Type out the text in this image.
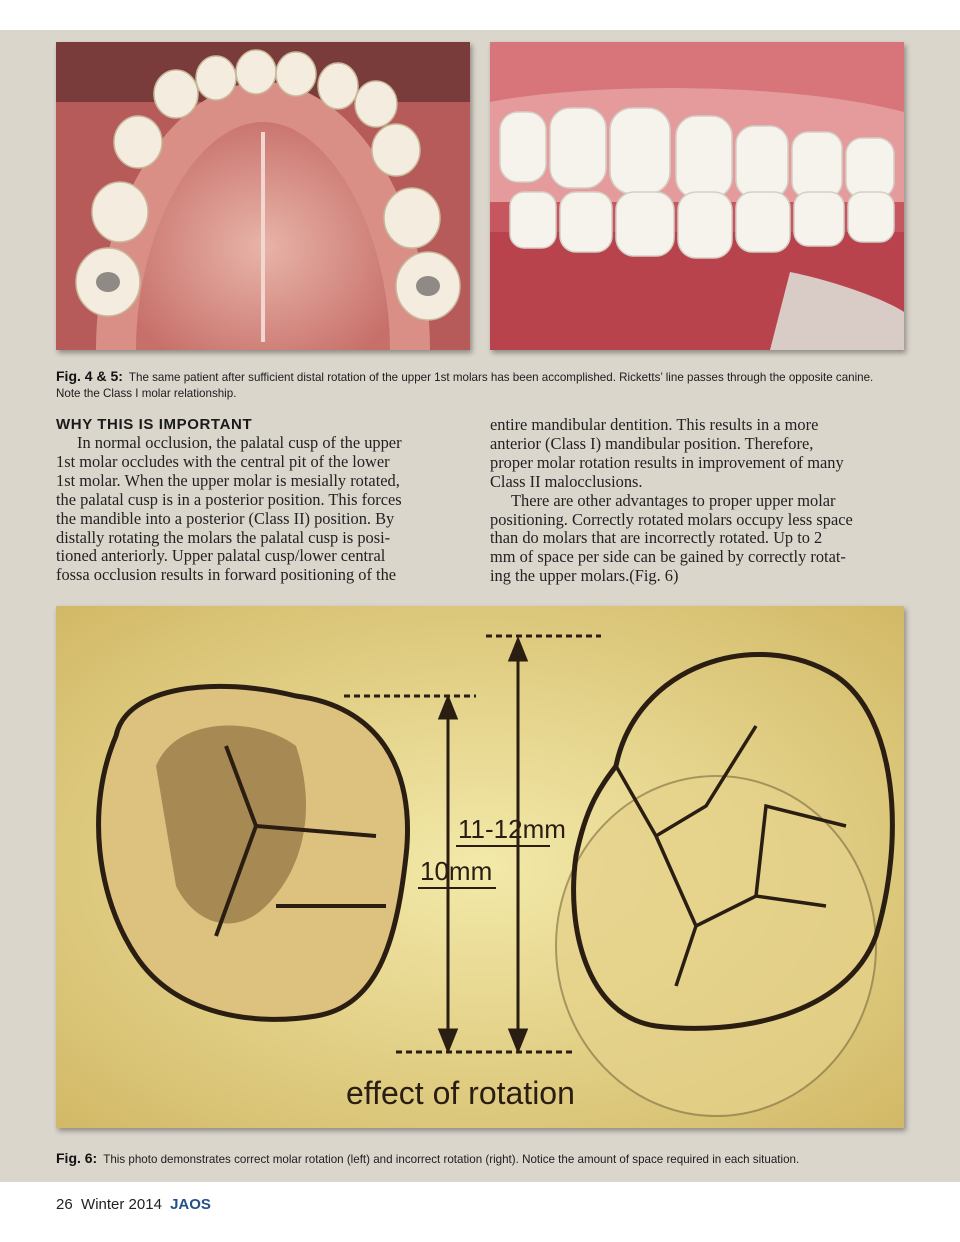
Fig. 4 & 5: The same patient after sufficient distal rotation of the upper 1st molars has been accomplished. Ricketts’ line passes through the opposite canine. Note the Class I molar relationship.

WHY THIS IS IMPORTANT

In normal occlusion, the palatal cusp of the upper

1st molar occludes with the central pit of the lower

1st molar. When the upper molar is mesially rotated,

the palatal cusp is in a posterior position. This forces

the mandible into a posterior (Class II) position. By

distally rotating the molars the palatal cusp is posi-

tioned anteriorly. Upper palatal cusp/lower central

fossa occlusion results in forward positioning of the

entire mandibular dentition. This results in a more

anterior (Class I) mandibular position. Therefore,

proper molar rotation results in improvement of many

Class II malocclusions.

There are other advantages to proper upper molar

positioning. Correctly rotated molars occupy less space

than do molars that are incorrectly rotated. Up to 2

mm of space per side can be gained by correctly rotat-

ing the upper molars.(Fig. 6)

11-12mm
10mm
effect of rotation
Fig. 6: This photo demonstrates correct molar rotation (left) and incorrect rotation (right). Notice the amount of space required in each situation.
26 Winter 2014 JAOS
